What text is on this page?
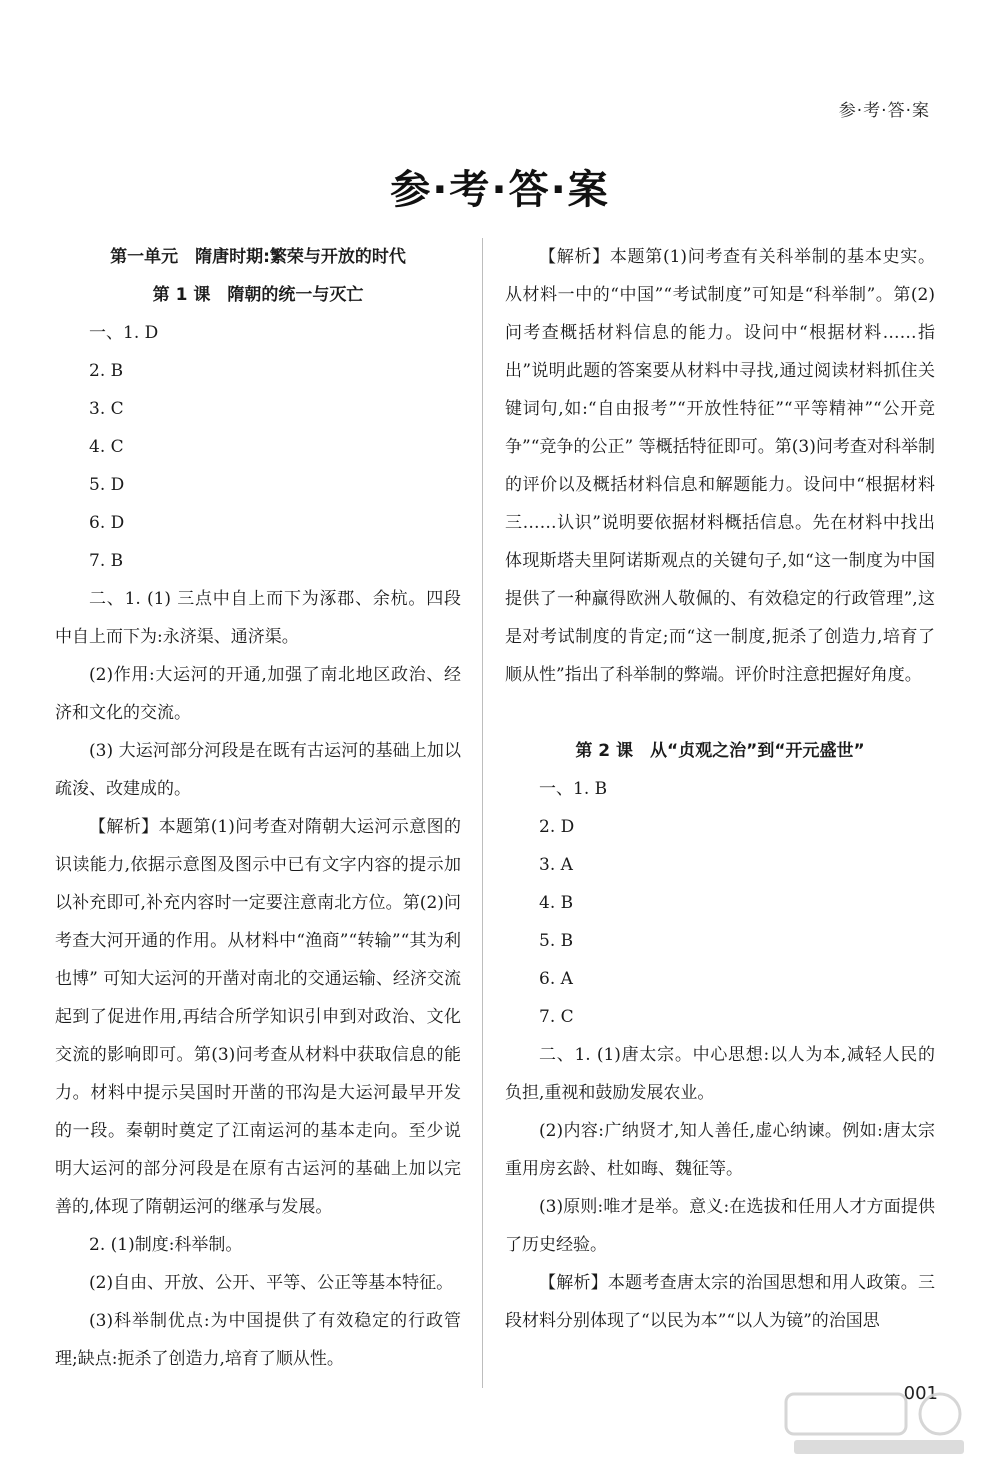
参·考·答·案
参·考·答·案

第一单元　隋唐时期:繁荣与开放的时代

第 1 课　隋朝的统一与灭亡

一、1. D

2. B

3. C

4. C

5. D

6. D

7. B

二、1. (1) 三点中自上而下为涿郡、余杭。四段中自上而下为:永济渠、通济渠。

(2)作用:大运河的开通,加强了南北地区政治、经济和文化的交流。

(3) 大运河部分河段是在既有古运河的基础上加以疏浚、改建成的。

【解析】本题第(1)问考查对隋朝大运河示意图的识读能力,依据示意图及图示中已有文字内容的提示加以补充即可,补充内容时一定要注意南北方位。第(2)问考查大河开通的作用。从材料中“渔商”“转输”“其为利也博” 可知大运河的开凿对南北的交通运输、经济交流起到了促进作用,再结合所学知识引申到对政治、文化交流的影响即可。第(3)问考查从材料中获取信息的能力。材料中提示吴国时开凿的邗沟是大运河最早开发的一段。秦朝时奠定了江南运河的基本走向。至少说明大运河的部分河段是在原有古运河的基础上加以完善的,体现了隋朝运河的继承与发展。

2. (1)制度:科举制。

(2)自由、开放、公开、平等、公正等基本特征。

(3)科举制优点:为中国提供了有效稳定的行政管理;缺点:扼杀了创造力,培育了顺从性。

【解析】本题第(1)问考查有关科举制的基本史实。从材料一中的“中国”“考试制度”可知是“科举制”。第(2)问考查概括材料信息的能力。设问中“根据材料……指出”说明此题的答案要从材料中寻找,通过阅读材料抓住关键词句,如:“自由报考”“开放性特征”“平等精神”“公开竞争”“竞争的公正” 等概括特征即可。第(3)问考查对科举制的评价以及概括材料信息和解题能力。设问中“根据材料三……认识”说明要依据材料概括信息。先在材料中找出体现斯塔夫里阿诺斯观点的关键句子,如“这一制度为中国提供了一种赢得欧洲人敬佩的、有效稳定的行政管理”,这是对考试制度的肯定;而“这一制度,扼杀了创造力,培育了顺从性”指出了科举制的弊端。评价时注意把握好角度。

第 2 课　从“贞观之治”到“开元盛世”

一、1. B

2. D

3. A

4. B

5. B

6. A

7. C

二、1. (1)唐太宗。中心思想:以人为本,减轻人民的负担,重视和鼓励发展农业。

(2)内容:广纳贤才,知人善任,虚心纳谏。例如:唐太宗重用房玄龄、杜如晦、魏征等。

(3)原则:唯才是举。意义:在选拔和任用人才方面提供了历史经验。

【解析】本题考查唐太宗的治国思想和用人政策。三段材料分别体现了“以民为本”“以人为镜”的治国思

001
